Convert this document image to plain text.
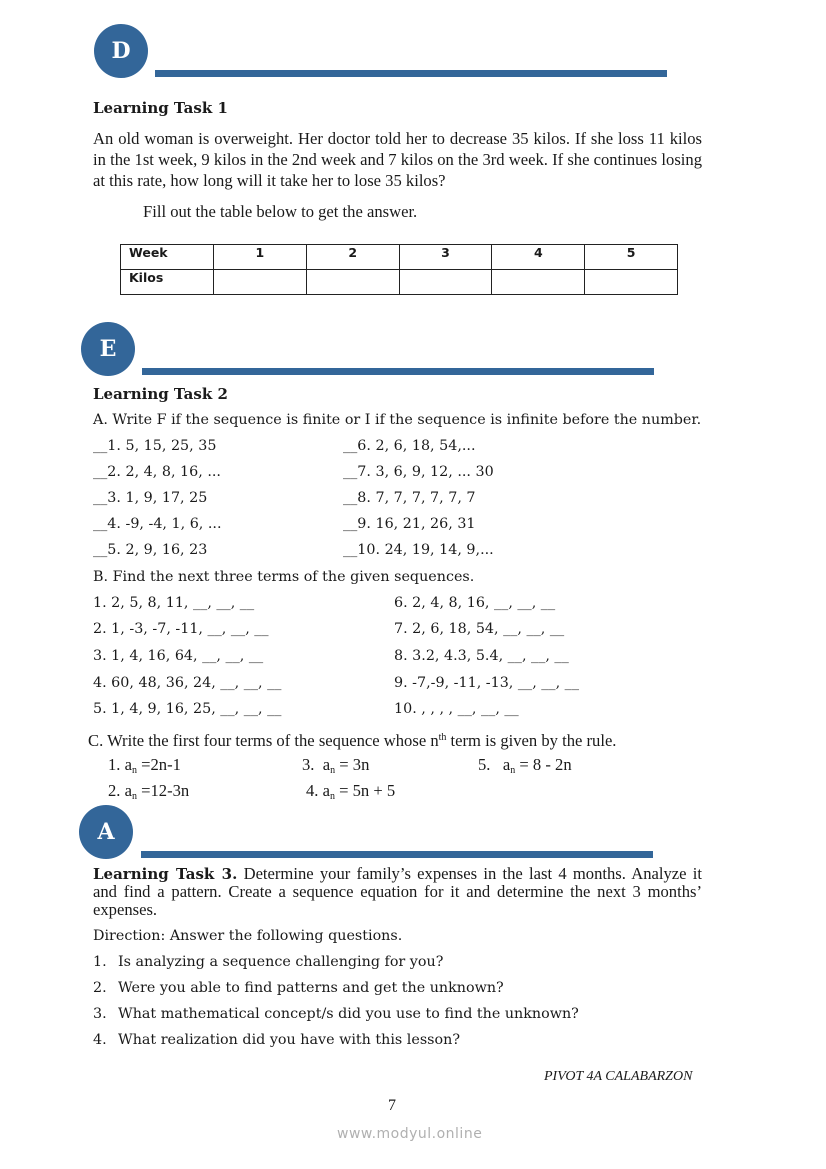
D
Learning Task 1
An old woman is overweight. Her doctor told her to decrease 35 kilos. If she loss 11 kilos in the 1st week, 9 kilos in the 2nd week and 7 kilos on the 3rd week. If she continues losing at this rate, how long will it take her to lose 35 kilos?
Fill out the table below to get the answer.
Week	1	2	3	4	5
Kilos					
E
Learning Task 2
A. Write F if the sequence is finite or I if the sequence is infinite before the number.
__1. 5, 15, 25, 35
__2. 2, 4, 8, 16, ...
__3. 1, 9, 17, 25
__4. -9, -4, 1, 6, ...
__5. 2, 9, 16, 23
__6. 2, 6, 18, 54,...
__7. 3, 6, 9, 12, ... 30
__8. 7, 7, 7, 7, 7, 7
__9. 16, 21, 26, 31
__10. 24, 19, 14, 9,...
B. Find the next three terms of the given sequences.
1. 2, 5, 8, 11, __, __, __
2. 1, -3, -7, -11, __, __, __
3. 1, 4, 16, 64, __, __, __
4. 60, 48, 36, 24, __, __, __
5. 1, 4, 9, 16, 25, __, __, __
6. 2, 4, 8, 16, __, __, __
7. 2, 6, 18, 54, __, __, __
8. 3.2, 4.3, 5.4, __, __, __
9. -7,-9, -11, -13, __, __, __
10. , , , , __, __, __
C. Write the first four terms of the sequence whose $n^{th}$ term is given by the rule.
1. $a_n =2n-1$
2. $a_n =12-3n$
3.  $a_n = 3n$
4. $a_n = 5n + 5$
5.   $a_n = 8 - 2n$
A
Learning Task 3. Determine your family’s expenses in the last 4 months. Analyze it and find a pattern. Create a sequence equation for it and determine the next 3 months’ expenses.
Direction: Answer the following questions.
1. Is analyzing a sequence challenging for you?
2. Were you able to find patterns and get the unknown?
3. What mathematical concept/s did you use to find the unknown?
4. What realization did you have with this lesson?
PIVOT 4A CALABARZON
7
www.modyul.online
